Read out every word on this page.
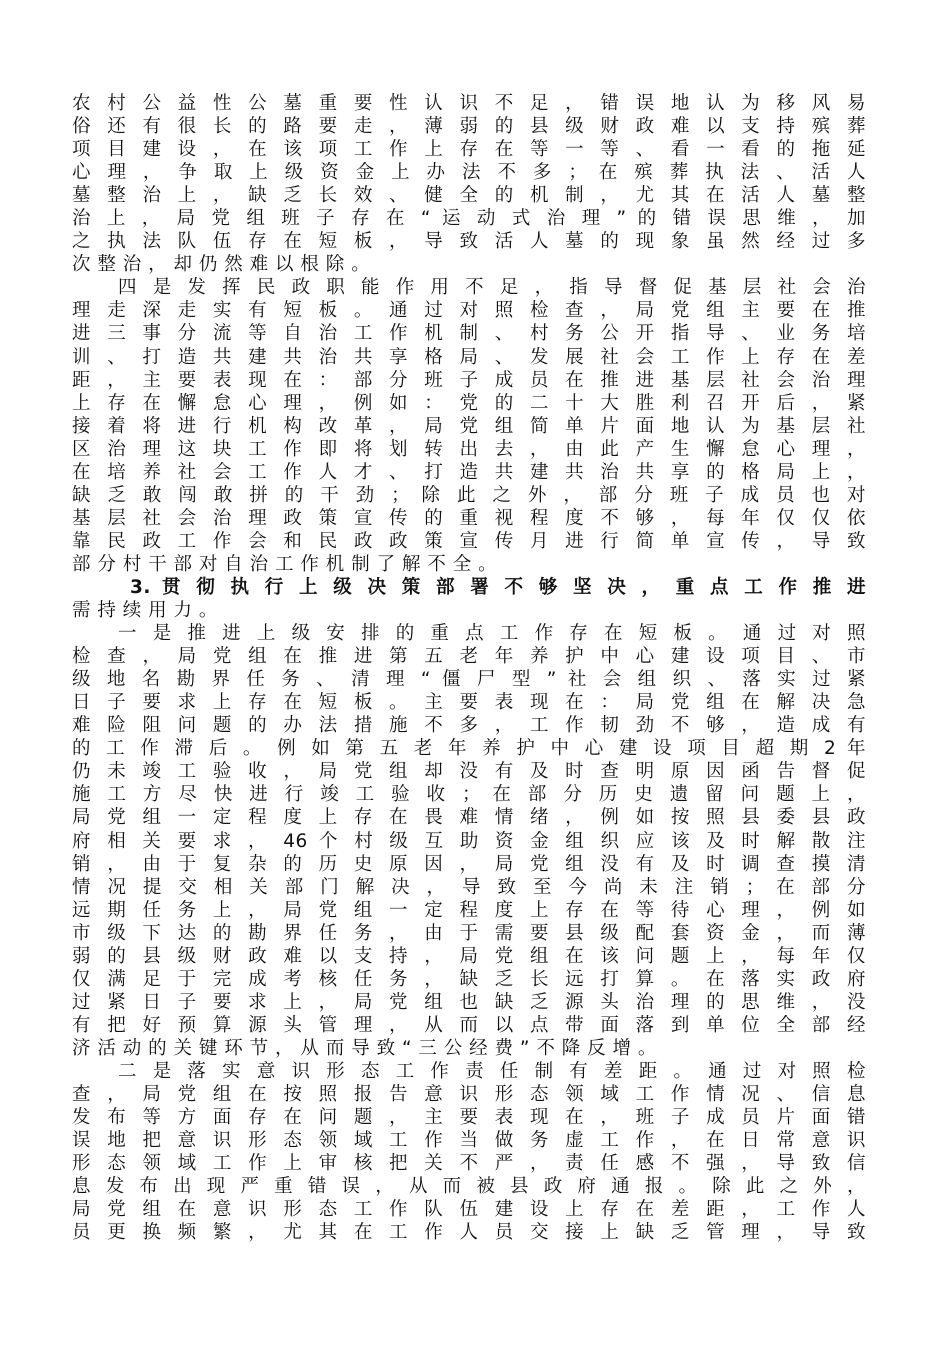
农 村 公 益 性 公 墓 重 要 性 认 识 不 足 ， 错 误 地 认 为 移 风 易
俗 还 有 很 长 的 路 要 走 ， 薄 弱 的 县 级 财 政 难 以 支 持 殡 葬
项 目 建 设 ， 在 该 项 工 作 上 存 在 等 一 等 、 看 一 看 的 拖 延
心 理 ， 争 取 上 级 资 金 上 办 法 不 多 ； 在 殡 葬 执 法 、 活 人
墓 整 治 上 ， 缺 乏 长 效 、 健 全 的 机 制 ， 尤 其 在 活 人 墓 整
治 上 ， 局 党 组 班 子 存 在 “ 运 动 式 治 理 ” 的 错 误 思 维 ， 加
之 执 法 队 伍 存 在 短 板 ， 导 致 活 人 墓 的 现 象 虽 然 经 过 多
次 整 治 ， 却 仍 然 难 以 根 除 。
四 是 发 挥 民 政 职 能 作 用 不 足 ， 指 导 督 促 基 层 社 会 治
理 走 深 走 实 有 短 板 。 通 过 对 照 检 查 ， 局 党 组 主 要 在 推
进 三 事 分 流 等 自 治 工 作 机 制 、 村 务 公 开 指 导 、 业 务 培
训 、 打 造 共 建 共 治 共 享 格 局 、 发 展 社 会 工 作 上 存 在 差
距 ， 主 要 表 现 在 ： 部 分 班 子 成 员 在 推 进 基 层 社 会 治 理
上 存 在 懈 怠 心 理 ， 例 如 ： 党 的 二 十 大 胜 利 召 开 后 ， 紧
接 着 将 进 行 机 构 改 革 ， 局 党 组 简 单 片 面 地 认 为 基 层 社
区 治 理 这 块 工 作 即 将 划 转 出 去 ， 由 此 产 生 懈 怠 心 理 ，
在 培 养 社 会 工 作 人 才 、 打 造 共 建 共 治 共 享 的 格 局 上 ，
缺 乏 敢 闯 敢 拼 的 干 劲 ； 除 此 之 外 ， 部 分 班 子 成 员 也 对
基 层 社 会 治 理 政 策 宣 传 的 重 视 程 度 不 够 ， 每 年 仅 仅 依
靠 民 政 工 作 会 和 民 政 政 策 宣 传 月 进 行 简 单 宣 传 ， 导 致
部 分 村 干 部 对 自 治 工 作 机 制 了 解 不 全 。
3. 贯 彻 执 行 上 级 决 策 部 署 不 够 坚 决 ， 重 点 工 作 推 进
需 持 续 用 力 。
一 是 推 进 上 级 安 排 的 重 点 工 作 存 在 短 板 。 通 过 对 照
检 查 ， 局 党 组 在 推 进 第 五 老 年 养 护 中 心 建 设 项 目 、 市
级 地 名 勘 界 任 务 、 清 理 “ 僵 尸 型 ” 社 会 组 织 、 落 实 过 紧
日 子 要 求 上 存 在 短 板 。 主 要 表 现 在 ： 局 党 组 在 解 决 急
难 险 阻 问 题 的 办 法 措 施 不 多 ， 工 作 韧 劲 不 够 ， 造 成 有
的 工 作 滞 后 。 例 如 第 五 老 年 养 护 中 心 建 设 项 目 超 期 2 年
仍 未 竣 工 验 收 ， 局 党 组 却 没 有 及 时 查 明 原 因 函 告 督 促
施 工 方 尽 快 进 行 竣 工 验 收 ； 在 部 分 历 史 遗 留 问 题 上 ，
局 党 组 一 定 程 度 上 存 在 畏 难 情 绪 ， 例 如 按 照 县 委 县 政
府 相 关 要 求 ， 46 个 村 级 互 助 资 金 组 织 应 该 及 时 解 散 注
销 ， 由 于 复 杂 的 历 史 原 因 ， 局 党 组 没 有 及 时 调 查 摸 清
情 况 提 交 相 关 部 门 解 决 ， 导 致 至 今 尚 未 注 销 ； 在 部 分
远 期 任 务 上 ， 局 党 组 一 定 程 度 上 存 在 等 待 心 理 ， 例 如
市 级 下 达 的 勘 界 任 务 ， 由 于 需 要 县 级 配 套 资 金 ， 而 薄
弱 的 县 级 财 政 难 以 支 持 ， 局 党 组 在 该 问 题 上 ， 每 年 仅
仅 满 足 于 完 成 考 核 任 务 ， 缺 乏 长 远 打 算 。 在 落 实 政 府
过 紧 日 子 要 求 上 ， 局 党 组 也 缺 乏 源 头 治 理 的 思 维 ， 没
有 把 好 预 算 源 头 管 理 ， 从 而 以 点 带 面 落 到 单 位 全 部 经
济 活 动 的 关 键 环 节 ， 从 而 导 致 “ 三 公 经 费 ” 不 降 反 增 。
二 是 落 实 意 识 形 态 工 作 责 任 制 有 差 距 。 通 过 对 照 检
查 ， 局 党 组 在 按 照 报 告 意 识 形 态 领 域 工 作 情 况 、 信 息
发 布 等 方 面 存 在 问 题 ， 主 要 表 现 在 ， 班 子 成 员 片 面 错
误 地 把 意 识 形 态 领 域 工 作 当 做 务 虚 工 作 ， 在 日 常 意 识
形 态 领 域 工 作 上 审 核 把 关 不 严 ， 责 任 感 不 强 ， 导 致 信
息 发 布 出 现 严 重 错 误 ， 从 而 被 县 政 府 通 报 。 除 此 之 外 ，
局 党 组 在 意 识 形 态 工 作 队 伍 建 设 上 存 在 差 距 ， 工 作 人
员 更 换 频 繁 ， 尤 其 在 工 作 人 员 交 接 上 缺 乏 管 理 ， 导 致
